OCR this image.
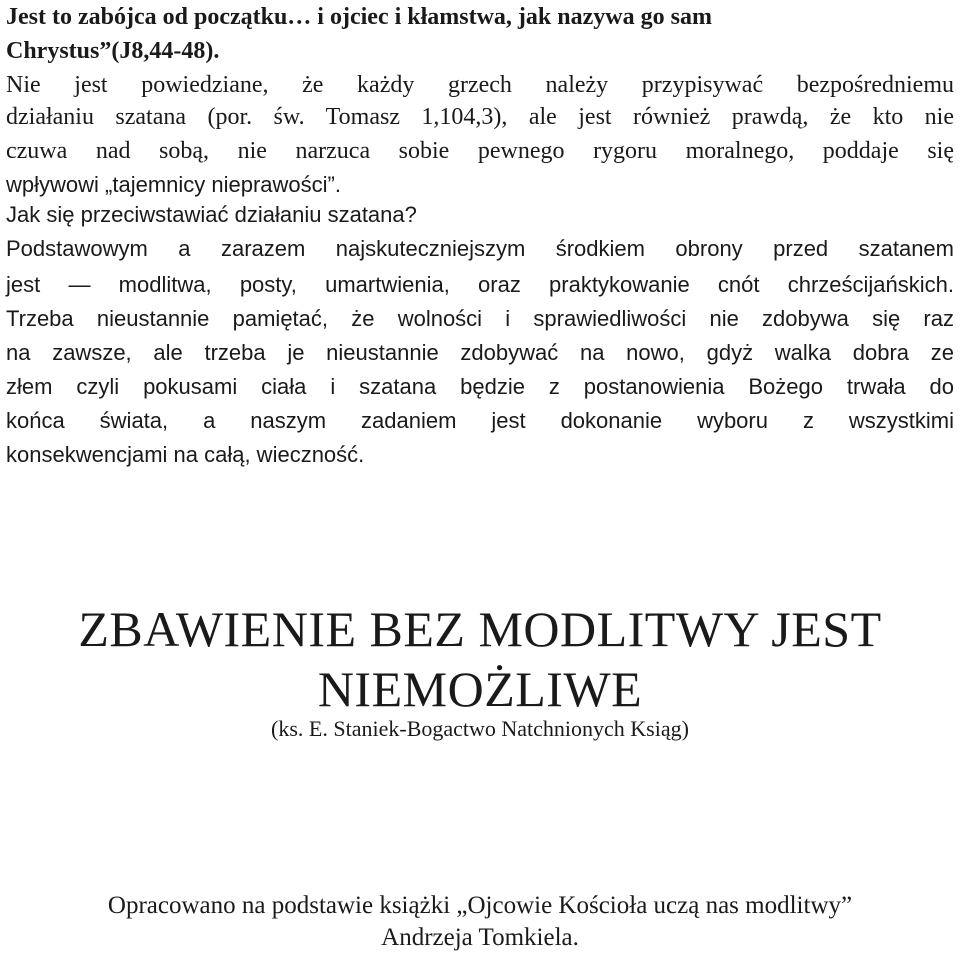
Jest to zabójca od początku… i ojciec i kłamstwa, jak nazywa go sam
Chrystus”(J8,44-48).
Nie jest powiedziane, że każdy grzech należy przypisywać bezpośredniemu
działaniu szatana (por. św. Tomasz 1,104,3), ale jest również prawdą, że kto nie
czuwa nad sobą, nie narzuca sobie pewnego rygoru moralnego, poddaje się
wpływowi „tajemnicy nieprawości”.
Jak się przeciwstawiać działaniu szatana?
Podstawowym a zarazem najskuteczniejszym środkiem obrony przed szatanem
jest — modlitwa, posty, umartwienia, oraz praktykowanie cnót chrześcijańskich.
Trzeba nieustannie pamiętać, że wolności i sprawiedliwości nie zdobywa się raz
na zawsze, ale trzeba je nieustannie zdobywać na nowo, gdyż walka dobra ze
złem czyli pokusami ciała i szatana będzie z postanowienia Bożego trwała do
końca świata, a naszym zadaniem jest dokonanie wyboru z wszystkimi
konsekwencjami na całą, wieczność.
ZBAWIENIE BEZ MODLITWY JEST
NIEMOŻLIWE
(ks. E. Staniek-Bogactwo Natchnionych Ksiąg)
Opracowano na podstawie książki „Ojcowie Kościoła uczą nas modlitwy”
Andrzeja Tomkiela.
